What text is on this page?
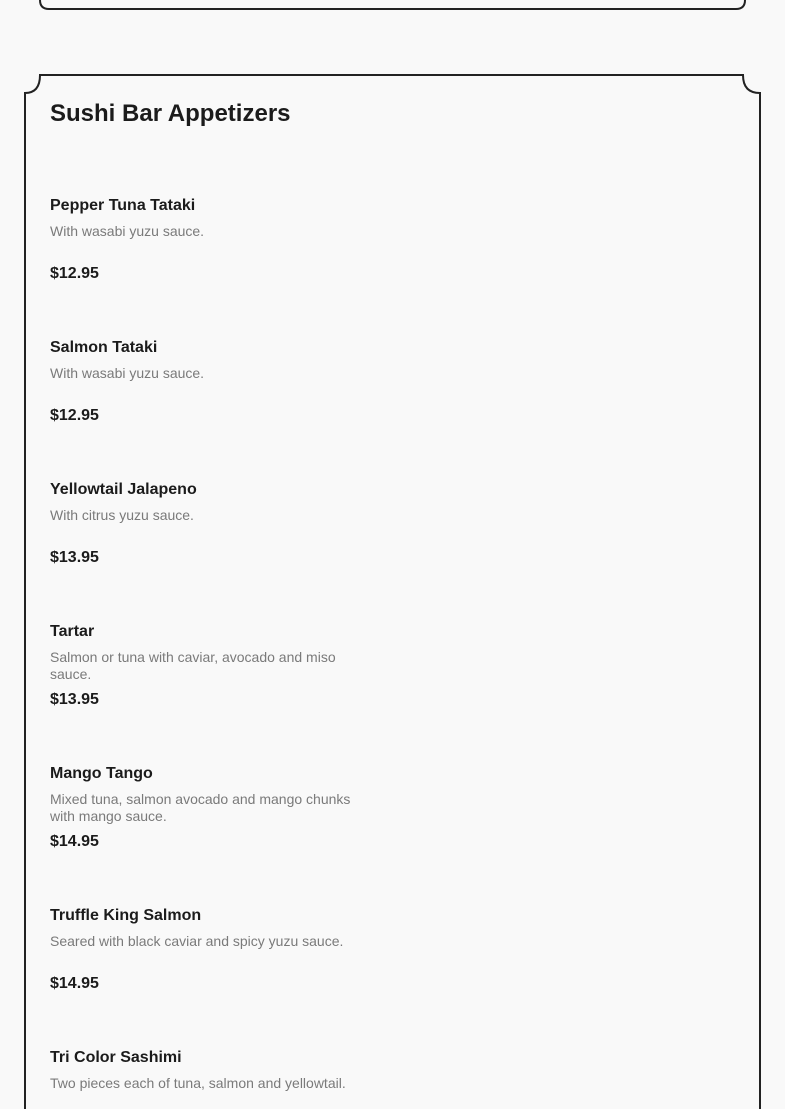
Sushi Bar Appetizers
Pepper Tuna Tataki
With wasabi yuzu sauce.
$12.95
Salmon Tataki
With wasabi yuzu sauce.
$12.95
Yellowtail Jalapeno
With citrus yuzu sauce.
$13.95
Tartar
Salmon or tuna with caviar, avocado and miso sauce.
$13.95
Mango Tango
Mixed tuna, salmon avocado and mango chunks with mango sauce.
$14.95
Truffle King Salmon
Seared with black caviar and spicy yuzu sauce.
$14.95
Tri Color Sashimi
Two pieces each of tuna, salmon and yellowtail.
